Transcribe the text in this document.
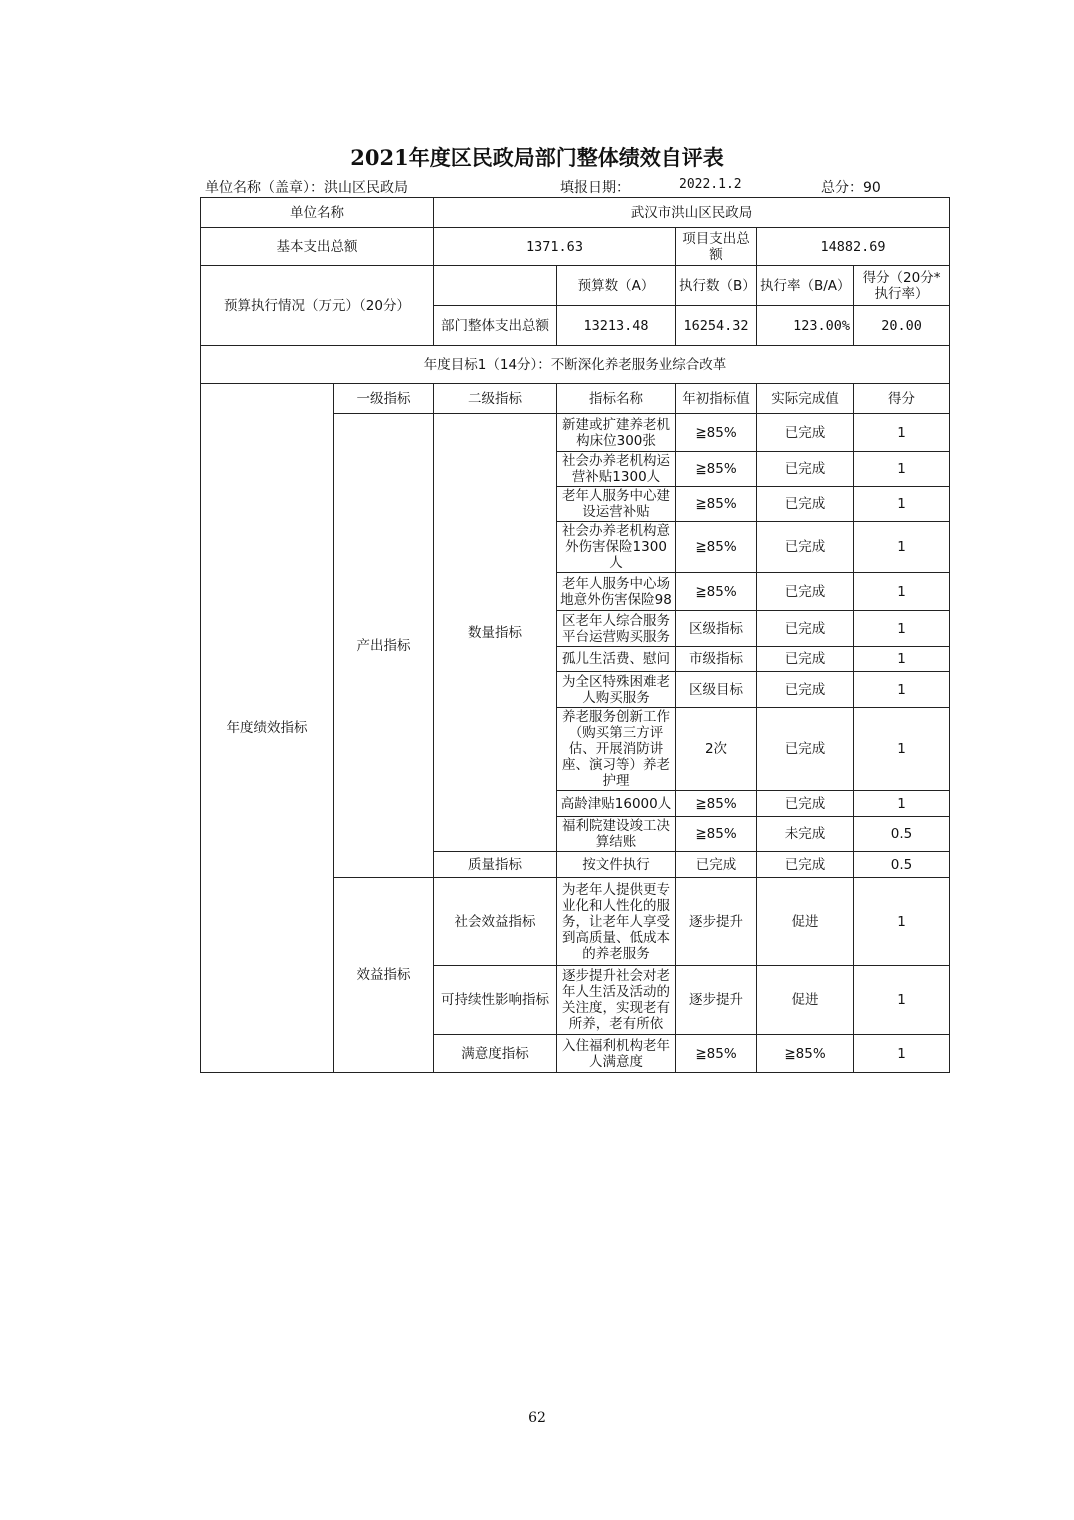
2021年度区民政局部门整体绩效自评表
单位名称（盖章）：洪山区民政局	填报日期：	2022.1.2	总分：90
单位名称		武汉市洪山区民政局				
基本支出总额		1371.63		项目支出总额	14882.69	
预算执行情况（万元）（20分）			预算数（A）	执行数（B）	执行率（B/A）	得分（20分*执行率）
		部门整体支出总额	13213.48	16254.32	123.00%	20.00
年度目标1（14分）：不断深化养老服务业综合改革						
年度绩效指标	一级指标	二级指标	指标名称	年初指标值	实际完成值	得分
	产出指标	数量指标	新建或扩建养老机构床位300张	≧85%	已完成	1
			社会办养老机构运营补贴1300人	≧85%	已完成	1
			老年人服务中心建设运营补贴	≧85%	已完成	1
			社会办养老机构意外伤害保险1300人	≧85%	已完成	1
			老年人服务中心场地意外伤害保险98	≧85%	已完成	1
			区老年人综合服务平台运营购买服务	区级指标	已完成	1
			孤儿生活费、慰问	市级指标	已完成	1
			为全区特殊困难老人购买服务	区级目标	已完成	1
			养老服务创新工作（购买第三方评估、开展消防讲座、演习等）养老护理	2次	已完成	1
			高龄津贴16000人	≧85%	已完成	1
			福利院建设竣工决算结账	≧85%	未完成	0.5
		质量指标	按文件执行	已完成	已完成	0.5
	效益指标	社会效益指标	为老年人提供更专业化和人性化的服务，让老年人享受到高质量、低成本的养老服务	逐步提升	促进	1
		可持续性影响指标	逐步提升社会对老年人生活及活动的关注度，实现老有所养，老有所依	逐步提升	促进	1
		满意度指标	入住福利机构老年人满意度	≧85%	≧85%	1
62
